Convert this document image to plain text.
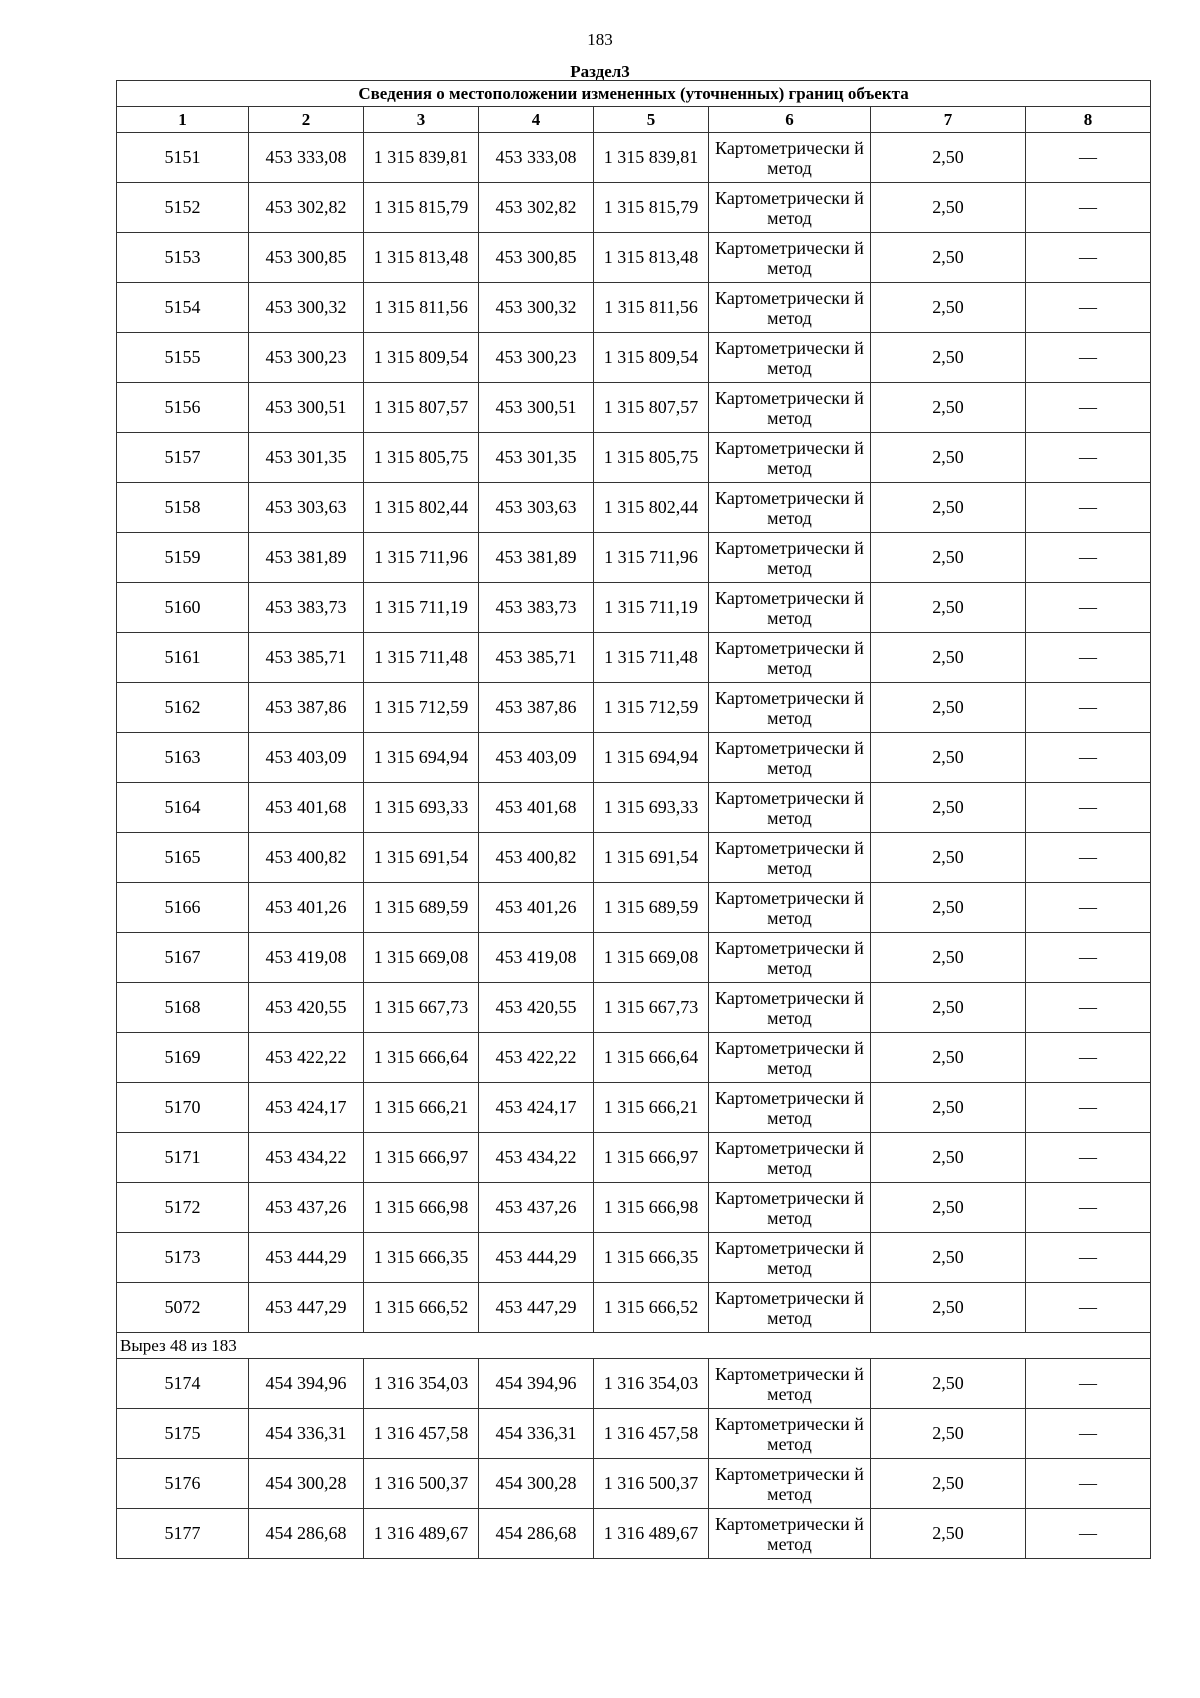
183
Раздел3
Сведения о местоположении измененных (уточненных) границ объекта							
1	2	3	4	5	6	7	8
5151	453 333,08	1 315 839,81	453 333,08	1 315 839,81	Картометрически й метод	2,50	—
5152	453 302,82	1 315 815,79	453 302,82	1 315 815,79	Картометрически й метод	2,50	—
5153	453 300,85	1 315 813,48	453 300,85	1 315 813,48	Картометрически й метод	2,50	—
5154	453 300,32	1 315 811,56	453 300,32	1 315 811,56	Картометрически й метод	2,50	—
5155	453 300,23	1 315 809,54	453 300,23	1 315 809,54	Картометрически й метод	2,50	—
5156	453 300,51	1 315 807,57	453 300,51	1 315 807,57	Картометрически й метод	2,50	—
5157	453 301,35	1 315 805,75	453 301,35	1 315 805,75	Картометрически й метод	2,50	—
5158	453 303,63	1 315 802,44	453 303,63	1 315 802,44	Картометрически й метод	2,50	—
5159	453 381,89	1 315 711,96	453 381,89	1 315 711,96	Картометрически й метод	2,50	—
5160	453 383,73	1 315 711,19	453 383,73	1 315 711,19	Картометрически й метод	2,50	—
5161	453 385,71	1 315 711,48	453 385,71	1 315 711,48	Картометрически й метод	2,50	—
5162	453 387,86	1 315 712,59	453 387,86	1 315 712,59	Картометрически й метод	2,50	—
5163	453 403,09	1 315 694,94	453 403,09	1 315 694,94	Картометрически й метод	2,50	—
5164	453 401,68	1 315 693,33	453 401,68	1 315 693,33	Картометрически й метод	2,50	—
5165	453 400,82	1 315 691,54	453 400,82	1 315 691,54	Картометрически й метод	2,50	—
5166	453 401,26	1 315 689,59	453 401,26	1 315 689,59	Картометрически й метод	2,50	—
5167	453 419,08	1 315 669,08	453 419,08	1 315 669,08	Картометрически й метод	2,50	—
5168	453 420,55	1 315 667,73	453 420,55	1 315 667,73	Картометрически й метод	2,50	—
5169	453 422,22	1 315 666,64	453 422,22	1 315 666,64	Картометрически й метод	2,50	—
5170	453 424,17	1 315 666,21	453 424,17	1 315 666,21	Картометрически й метод	2,50	—
5171	453 434,22	1 315 666,97	453 434,22	1 315 666,97	Картометрически й метод	2,50	—
5172	453 437,26	1 315 666,98	453 437,26	1 315 666,98	Картометрически й метод	2,50	—
5173	453 444,29	1 315 666,35	453 444,29	1 315 666,35	Картометрически й метод	2,50	—
5072	453 447,29	1 315 666,52	453 447,29	1 315 666,52	Картометрически й метод	2,50	—
Вырез 48 из 183							
5174	454 394,96	1 316 354,03	454 394,96	1 316 354,03	Картометрически й метод	2,50	—
5175	454 336,31	1 316 457,58	454 336,31	1 316 457,58	Картометрически й метод	2,50	—
5176	454 300,28	1 316 500,37	454 300,28	1 316 500,37	Картометрически й метод	2,50	—
5177	454 286,68	1 316 489,67	454 286,68	1 316 489,67	Картометрически й метод	2,50	—
